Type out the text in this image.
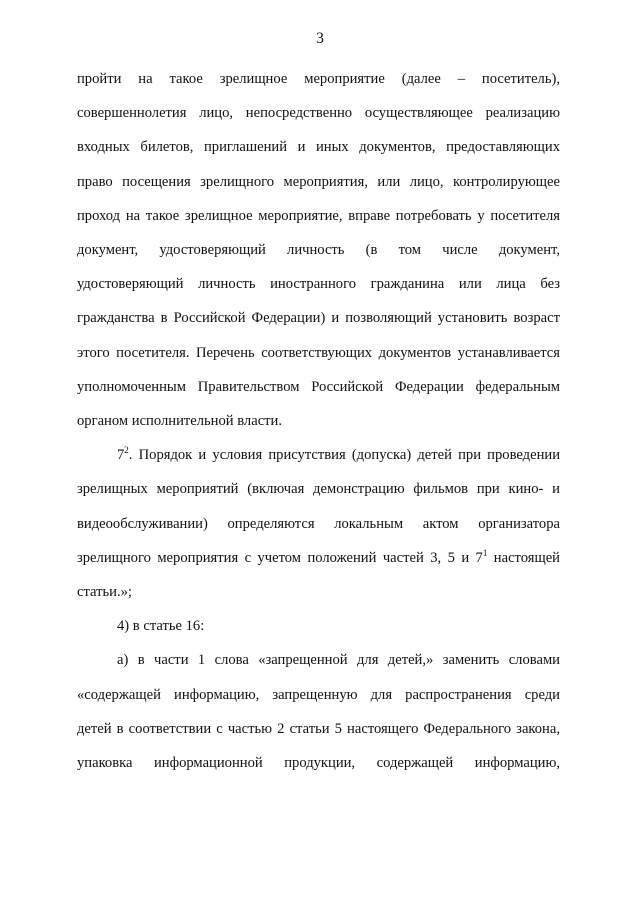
3
пройти на такое зрелищное мероприятие (далее – посетитель),
совершеннолетия лицо, непосредственно осуществляющее реализацию
входных билетов, приглашений и иных документов, предоставляющих
право посещения зрелищного мероприятия, или лицо, контролирующее
проход на такое зрелищное мероприятие, вправе потребовать у посетителя
документ, удостоверяющий личность (в том числе документ,
удостоверяющий личность иностранного гражданина или лица без
гражданства в Российской Федерации) и позволяющий установить возраст
этого посетителя. Перечень соответствующих документов устанавливается
уполномоченным Правительством Российской Федерации федеральным
органом исполнительной власти.
$7^2$. Порядок и условия присутствия (допуска) детей при проведении
зрелищных мероприятий (включая демонстрацию фильмов при кино- и
видеообслуживании) определяются локальным актом организатора
зрелищного мероприятия с учетом положений частей 3, 5 и $7^1$ настоящей
статьи.»;
4) в статье 16:
а) в части 1 слова «запрещенной для детей,» заменить словами
«содержащей информацию, запрещенную для распространения среди
детей в соответствии с частью 2 статьи 5 настоящего Федерального закона,
упаковка информационной продукции, содержащей информацию,
